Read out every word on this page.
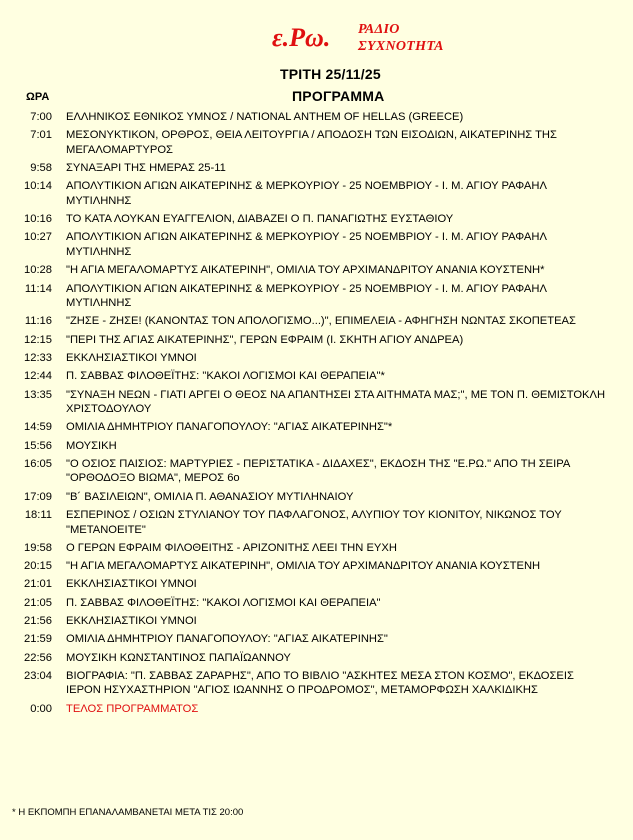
ε.Ρω. ΡΑΔΙΟ
ΣΥΧΝΟΤΗΤΑ
ΤΡΙΤΗ 25/11/25
ΩΡΑ	ΠΡΟΓΡΑΜΜΑ
7:00 ΕΛΛΗΝΙΚΟΣ ΕΘΝΙΚΟΣ ΥΜΝΟΣ / NATIONAL ANTHEM OF HELLAS (GREECE)
7:01 ΜΕΣΟΝΥΚΤΙΚΟΝ, ΟΡΘΡΟΣ, ΘΕΙΑ ΛΕΙΤΟΥΡΓΙΑ / ΑΠΟΔΟΣΗ ΤΩΝ ΕΙΣΟΔΙΩΝ, ΑΙΚΑΤΕΡΙΝΗΣ ΤΗΣ ΜΕΓΑΛΟΜΑΡΤΥΡΟΣ
9:58 ΣΥΝΑΞΑΡΙ ΤΗΣ ΗΜΕΡΑΣ 25-11
10:14 ΑΠΟΛΥΤΙΚΙΟΝ ΑΓΙΩΝ ΑΙΚΑΤΕΡΙΝΗΣ & ΜΕΡΚΟΥΡΙΟΥ - 25 ΝΟΕΜΒΡΙΟΥ - Ι. Μ. ΑΓΙΟΥ ΡΑΦΑΗΛ ΜΥΤΙΛΗΝΗΣ
10:16 ΤΟ ΚΑΤΑ ΛΟΥΚΑΝ ΕΥΑΓΓΕΛΙΟΝ, ΔΙΑΒΑΖΕΙ Ο Π. ΠΑΝΑΓΙΩΤΗΣ ΕΥΣΤΑΘΙΟΥ
10:27 ΑΠΟΛΥΤΙΚΙΟΝ ΑΓΙΩΝ ΑΙΚΑΤΕΡΙΝΗΣ & ΜΕΡΚΟΥΡΙΟΥ - 25 ΝΟΕΜΒΡΙΟΥ - Ι. Μ. ΑΓΙΟΥ ΡΑΦΑΗΛ ΜΥΤΙΛΗΝΗΣ
10:28 "Η ΑΓΙΑ ΜΕΓΑΛΟΜΑΡΤΥΣ ΑΙΚΑΤΕΡΙΝΗ", ΟΜΙΛΙΑ ΤΟΥ ΑΡΧΙΜΑΝΔΡΙΤΟΥ ΑΝΑΝΙΑ ΚΟΥΣΤΕΝΗ*
11:14 ΑΠΟΛΥΤΙΚΙΟΝ ΑΓΙΩΝ ΑΙΚΑΤΕΡΙΝΗΣ & ΜΕΡΚΟΥΡΙΟΥ - 25 ΝΟΕΜΒΡΙΟΥ - Ι. Μ. ΑΓΙΟΥ ΡΑΦΑΗΛ ΜΥΤΙΛΗΝΗΣ
11:16 "ΖΗΣΕ - ΖΗΣΕ! (ΚΑΝΟΝΤΑΣ ΤΟΝ ΑΠΟΛΟΓΙΣΜΟ...)", ΕΠΙΜΕΛΕΙΑ - ΑΦΗΓΗΣΗ ΝΩΝΤΑΣ ΣΚΟΠΕΤΕΑΣ
12:15 "ΠΕΡΙ ΤΗΣ ΑΓΙΑΣ ΑΙΚΑΤΕΡΙΝΗΣ", ΓΕΡΩΝ ΕΦΡΑΙΜ (Ι. ΣΚΗΤΗ ΑΓΙΟΥ ΑΝΔΡΕΑ)
12:33 ΕΚΚΛΗΣΙΑΣΤΙΚΟΙ ΥΜΝΟΙ
12:44 Π. ΣΑΒΒΑΣ ΦΙΛΟΘΕΪΤΗΣ: "ΚΑΚΟΙ ΛΟΓΙΣΜΟΙ ΚΑΙ ΘΕΡΑΠΕΙΑ"*
13:35 "ΣΥΝΑΞΗ ΝΕΩΝ - ΓΙΑΤΙ ΑΡΓΕΙ Ο ΘΕΟΣ ΝΑ ΑΠΑΝΤΗΣΕΙ ΣΤΑ ΑΙΤΗΜΑΤΑ ΜΑΣ;", ΜΕ ΤΟΝ Π. ΘΕΜΙΣΤΟΚΛΗ ΧΡΙΣΤΟΔΟΥΛΟΥ
14:59 ΟΜΙΛΙΑ ΔΗΜΗΤΡΙΟΥ ΠΑΝΑΓΟΠΟΥΛΟΥ: "ΑΓΙΑΣ ΑΙΚΑΤΕΡΙΝΗΣ"*
15:56 ΜΟΥΣΙΚΗ
16:05 "Ο ΟΣΙΟΣ ΠΑΙΣΙΟΣ: ΜΑΡΤΥΡΙΕΣ - ΠΕΡΙΣΤΑΤΙΚΑ - ΔΙΔΑΧΕΣ", ΕΚΔΟΣΗ ΤΗΣ "Ε.ΡΩ." ΑΠΟ ΤΗ ΣΕΙΡΑ "ΟΡΘΟΔΟΞΟ ΒΙΩΜΑ", ΜΕΡΟΣ 6ο
17:09 "Β´ ΒΑΣΙΛΕΙΩΝ", ΟΜΙΛΙΑ Π. ΑΘΑΝΑΣΙΟΥ ΜΥΤΙΛΗΝΑΙΟΥ
18:11 ΕΣΠΕΡΙΝΟΣ / ΟΣΙΩΝ ΣΤΥΛΙΑΝΟΥ ΤΟΥ ΠΑΦΛΑΓΟΝΟΣ, ΑΛΥΠΙΟΥ ΤΟΥ ΚΙΟΝΙΤΟΥ, ΝΙΚΩΝΟΣ ΤΟΥ "ΜΕΤΑΝΟΕΙΤΕ"
19:58 Ο ΓΕΡΩΝ ΕΦΡΑΙΜ ΦΙΛΟΘΕΙΤΗΣ - ΑΡΙΖΟΝΙΤΗΣ ΛΕΕΙ ΤΗΝ ΕΥΧΗ
20:15 "Η ΑΓΙΑ ΜΕΓΑΛΟΜΑΡΤΥΣ ΑΙΚΑΤΕΡΙΝΗ", ΟΜΙΛΙΑ ΤΟΥ ΑΡΧΙΜΑΝΔΡΙΤΟΥ ΑΝΑΝΙΑ ΚΟΥΣΤΕΝΗ
21:01 ΕΚΚΛΗΣΙΑΣΤΙΚΟΙ ΥΜΝΟΙ
21:05 Π. ΣΑΒΒΑΣ ΦΙΛΟΘΕΪΤΗΣ: "ΚΑΚΟΙ ΛΟΓΙΣΜΟΙ ΚΑΙ ΘΕΡΑΠΕΙΑ"
21:56 ΕΚΚΛΗΣΙΑΣΤΙΚΟΙ ΥΜΝΟΙ
21:59 ΟΜΙΛΙΑ ΔΗΜΗΤΡΙΟΥ ΠΑΝΑΓΟΠΟΥΛΟΥ: "ΑΓΙΑΣ ΑΙΚΑΤΕΡΙΝΗΣ"
22:56 ΜΟΥΣΙΚΗ ΚΩΝΣΤΑΝΤΙΝΟΣ ΠΑΠΑΪΩΑΝΝΟΥ
23:04 ΒΙΟΓΡΑΦΙΑ: "Π. ΣΑΒΒΑΣ ΖΑΡΑΡΗΣ", ΑΠΟ ΤΟ ΒΙΒΛΙΟ "ΑΣΚΗΤΕΣ ΜΕΣΑ ΣΤΟΝ ΚΟΣΜΟ", ΕΚΔΟΣΕΙΣ ΙΕΡΟΝ ΗΣΥΧΑΣΤΗΡΙΟΝ "ΑΓΙΟΣ ΙΩΑΝΝΗΣ Ο ΠΡΟΔΡΟΜΟΣ", ΜΕΤΑΜΟΡΦΩΣΗ ΧΑΛΚΙΔΙΚΗΣ
0:00 ΤΕΛΟΣ ΠΡΟΓΡΑΜΜΑΤΟΣ
* Η ΕΚΠΟΜΠΗ ΕΠΑΝΑΛΑΜΒΑΝΕΤΑΙ ΜΕΤΑ ΤΙΣ 20:00
